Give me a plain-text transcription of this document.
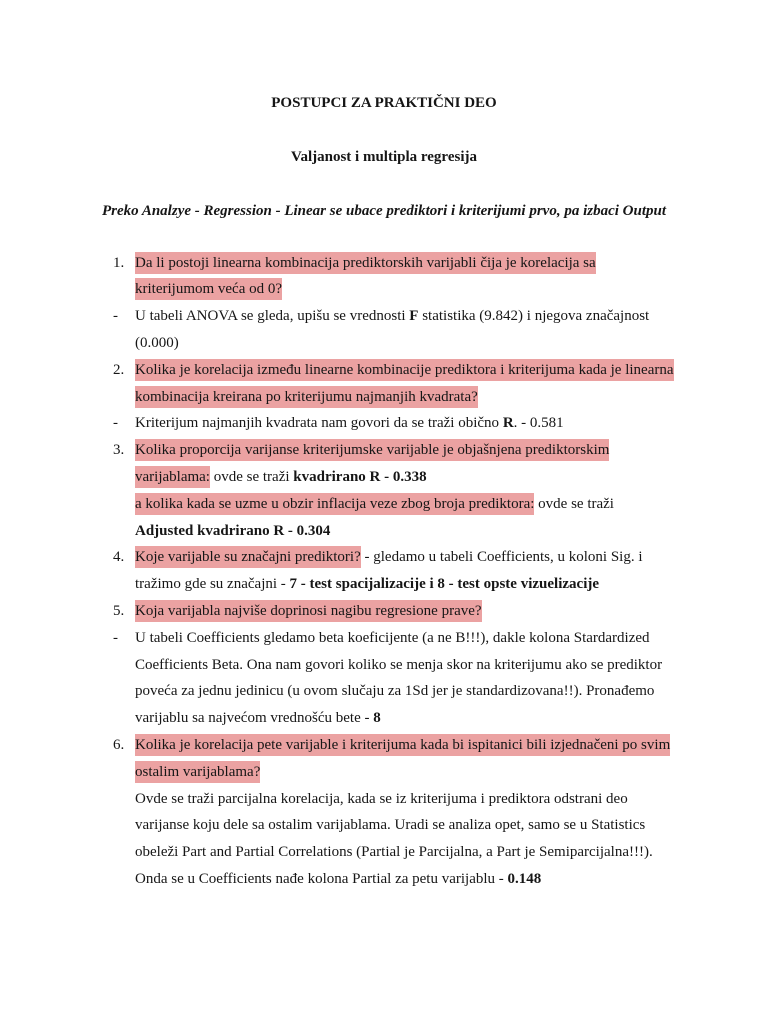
POSTUPCI ZA PRAKTIČNI DEO
Valjanost i multipla regresija
Preko Analzye - Regression - Linear se ubace prediktori i kriterijumi prvo, pa izbaci Output
1. Da li postoji linearna kombinacija prediktorskih varijabli čija je korelacija sa
kriterijumom veća od 0?
- U tabeli ANOVA se gleda, upišu se vrednosti F statistika (9.842) i njegova značajnost
(0.000)
2. Kolika je korelacija između linearne kombinacije prediktora i kriterijuma kada je linearna
kombinacija kreirana po kriterijumu najmanjih kvadrata?
- Kriterijum najmanjih kvadrata nam govori da se traži obično R. - 0.581
3. Kolika proporcija varijanse kriterijumske varijable je objašnjena prediktorskim
varijablama: ovde se traži kvadrirano R - 0.338
a kolika kada se uzme u obzir inflacija veze zbog broja prediktora: ovde se traži
Adjusted kvadrirano R - 0.304
4. Koje varijable su značajni prediktori? - gledamo u tabeli Coefficients, u koloni Sig. i
tražimo gde su značajni - 7 - test spacijalizacije i 8 - test opste vizuelizacije
5. Koja varijabla najviše doprinosi nagibu regresione prave?
- U tabeli Coefficients gledamo beta koeficijente (a ne B!!!), dakle kolona Stardardized
Coefficients Beta. Ona nam govori koliko se menja skor na kriterijumu ako se prediktor
poveća za jednu jedinicu (u ovom slučaju za 1Sd jer je standardizovana!!). Pronađemo
varijablu sa najvećom vrednošću bete - 8
6. Kolika je korelacija pete varijable i kriterijuma kada bi ispitanici bili izjednačeni po svim
ostalim varijablama?
Ovde se traži parcijalna korelacija, kada se iz kriterijuma i prediktora odstrani deo
varijanse koju dele sa ostalim varijablama. Uradi se analiza opet, samo se u Statistics
obeleži Part and Partial Correlations (Partial je Parcijalna, a Part je Semiparcijalna!!!).
Onda se u Coefficients nađe kolona Partial za petu varijablu - 0.148
